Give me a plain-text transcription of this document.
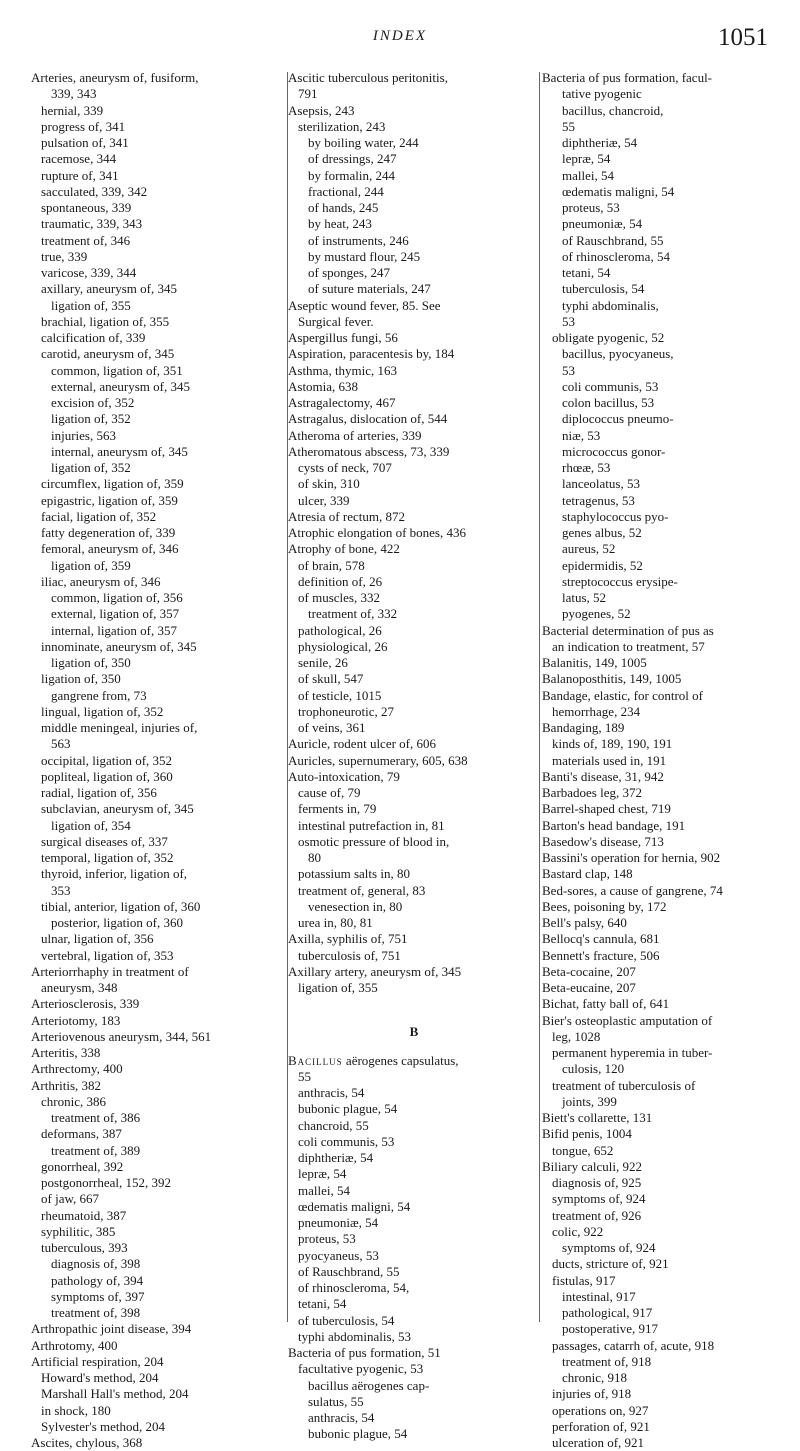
INDEX	1051
Arteries, aneurysm of, fusiform,
339, 343
hernial, 339
progress of, 341
pulsation of, 341
racemose, 344
rupture of, 341
sacculated, 339, 342
spontaneous, 339
traumatic, 339, 343
treatment of, 346
true, 339
varicose, 339, 344
axillary, aneurysm of, 345
ligation of, 355
brachial, ligation of, 355
calcification of, 339
carotid, aneurysm of, 345
common, ligation of, 351
external, aneurysm of, 345
excision of, 352
ligation of, 352
injuries, 563
internal, aneurysm of, 345
ligation of, 352
circumflex, ligation of, 359
epigastric, ligation of, 359
facial, ligation of, 352
fatty degeneration of, 339
femoral, aneurysm of, 346
ligation of, 359
iliac, aneurysm of, 346
common, ligation of, 356
external, ligation of, 357
internal, ligation of, 357
innominate, aneurysm of, 345
ligation of, 350
ligation of, 350
gangrene from, 73
lingual, ligation of, 352
middle meningeal, injuries of,
563
occipital, ligation of, 352
popliteal, ligation of, 360
radial, ligation of, 356
subclavian, aneurysm of, 345
ligation of, 354
surgical diseases of, 337
temporal, ligation of, 352
thyroid, inferior, ligation of,
353
tibial, anterior, ligation of, 360
posterior, ligation of, 360
ulnar, ligation of, 356
vertebral, ligation of, 353
Arteriorrhaphy in treatment of
aneurysm, 348
Arteriosclerosis, 339
Arteriotomy, 183
Arteriovenous aneurysm, 344, 561
Arteritis, 338
Arthrectomy, 400
Arthritis, 382
chronic, 386
treatment of, 386
deformans, 387
treatment of, 389
gonorrheal, 392
postgonorrheal, 152, 392
of jaw, 667
rheumatoid, 387
syphilitic, 385
tuberculous, 393
diagnosis of, 398
pathology of, 394
symptoms of, 397
treatment of, 398
Arthropathic joint disease, 394
Arthrotomy, 400
Artificial respiration, 204
Howard's method, 204
Marshall Hall's method, 204
in shock, 180
Sylvester's method, 204
Ascites, chylous, 368
Ascitic tuberculous peritonitis,
791
Asepsis, 243
sterilization, 243
by boiling water, 244
of dressings, 247
by formalin, 244
fractional, 244
of hands, 245
by heat, 243
of instruments, 246
by mustard flour, 245
of sponges, 247
of suture materials, 247
Aseptic wound fever, 85. See
Surgical fever.
Aspergillus fungi, 56
Aspiration, paracentesis by, 184
Asthma, thymic, 163
Astomia, 638
Astragalectomy, 467
Astragalus, dislocation of, 544
Atheroma of arteries, 339
Atheromatous abscess, 73, 339
cysts of neck, 707
of skin, 310
ulcer, 339
Atresia of rectum, 872
Atrophic elongation of bones, 436
Atrophy of bone, 422
of brain, 578
definition of, 26
of muscles, 332
treatment of, 332
pathological, 26
physiological, 26
senile, 26
of skull, 547
of testicle, 1015
trophoneurotic, 27
of veins, 361
Auricle, rodent ulcer of, 606
Auricles, supernumerary, 605, 638
Auto-intoxication, 79
cause of, 79
ferments in, 79
intestinal putrefaction in, 81
osmotic pressure of blood in,
80
potassium salts in, 80
treatment of, general, 83
venesection in, 80
urea in, 80, 81
Axilla, syphilis of, 751
tuberculosis of, 751
Axillary artery, aneurysm of, 345
ligation of, 355
B
Bacillus aërogenes capsulatus,
55
anthracis, 54
bubonic plague, 54
chancroid, 55
coli communis, 53
diphtheriæ, 54
lepræ, 54
mallei, 54
œdematis maligni, 54
pneumoniæ, 54
proteus, 53
pyocyaneus, 53
of Rauschbrand, 55
of rhinoscleroma, 54,
tetani, 54
of tuberculosis, 54
typhi abdominalis, 53
Bacteria of pus formation, 51
facultative pyogenic, 53
bacillus aërogenes cap-
sulatus, 55
anthracis, 54
bubonic plague, 54
Bacteria of pus formation, facul-
tative pyogenic
bacillus, chancroid,
55
diphtheriæ, 54
lepræ, 54
mallei, 54
œdematis maligni, 54
proteus, 53
pneumoniæ, 54
of Rauschbrand, 55
of rhinoscleroma, 54
tetani, 54
tuberculosis, 54
typhi abdominalis,
53
obligate pyogenic, 52
bacillus, pyocyaneus,
53
coli communis, 53
colon bacillus, 53
diplococcus pneumo-
niæ, 53
micrococcus gonor-
rhœæ, 53
lanceolatus, 53
tetragenus, 53
staphylococcus pyo-
genes albus, 52
aureus, 52
epidermidis, 52
streptococcus erysipe-
latus, 52
pyogenes, 52
Bacterial determination of pus as
an indication to treatment, 57
Balanitis, 149, 1005
Balanoposthitis, 149, 1005
Bandage, elastic, for control of
hemorrhage, 234
Bandaging, 189
kinds of, 189, 190, 191
materials used in, 191
Banti's disease, 31, 942
Barbadoes leg, 372
Barrel-shaped chest, 719
Barton's head bandage, 191
Basedow's disease, 713
Bassini's operation for hernia, 902
Bastard clap, 148
Bed-sores, a cause of gangrene, 74
Bees, poisoning by, 172
Bell's palsy, 640
Bellocq's cannula, 681
Bennett's fracture, 506
Beta-cocaine, 207
Beta-eucaine, 207
Bichat, fatty ball of, 641
Bier's osteoplastic amputation of
leg, 1028
permanent hyperemia in tuber-
culosis, 120
treatment of tuberculosis of
joints, 399
Biett's collarette, 131
Bifid penis, 1004
tongue, 652
Biliary calculi, 922
diagnosis of, 925
symptoms of, 924
treatment of, 926
colic, 922
symptoms of, 924
ducts, stricture of, 921
fistulas, 917
intestinal, 917
pathological, 917
postoperative, 917
passages, catarrh of, acute, 918
treatment of, 918
chronic, 918
injuries of, 918
operations on, 927
perforation of, 921
ulceration of, 921
